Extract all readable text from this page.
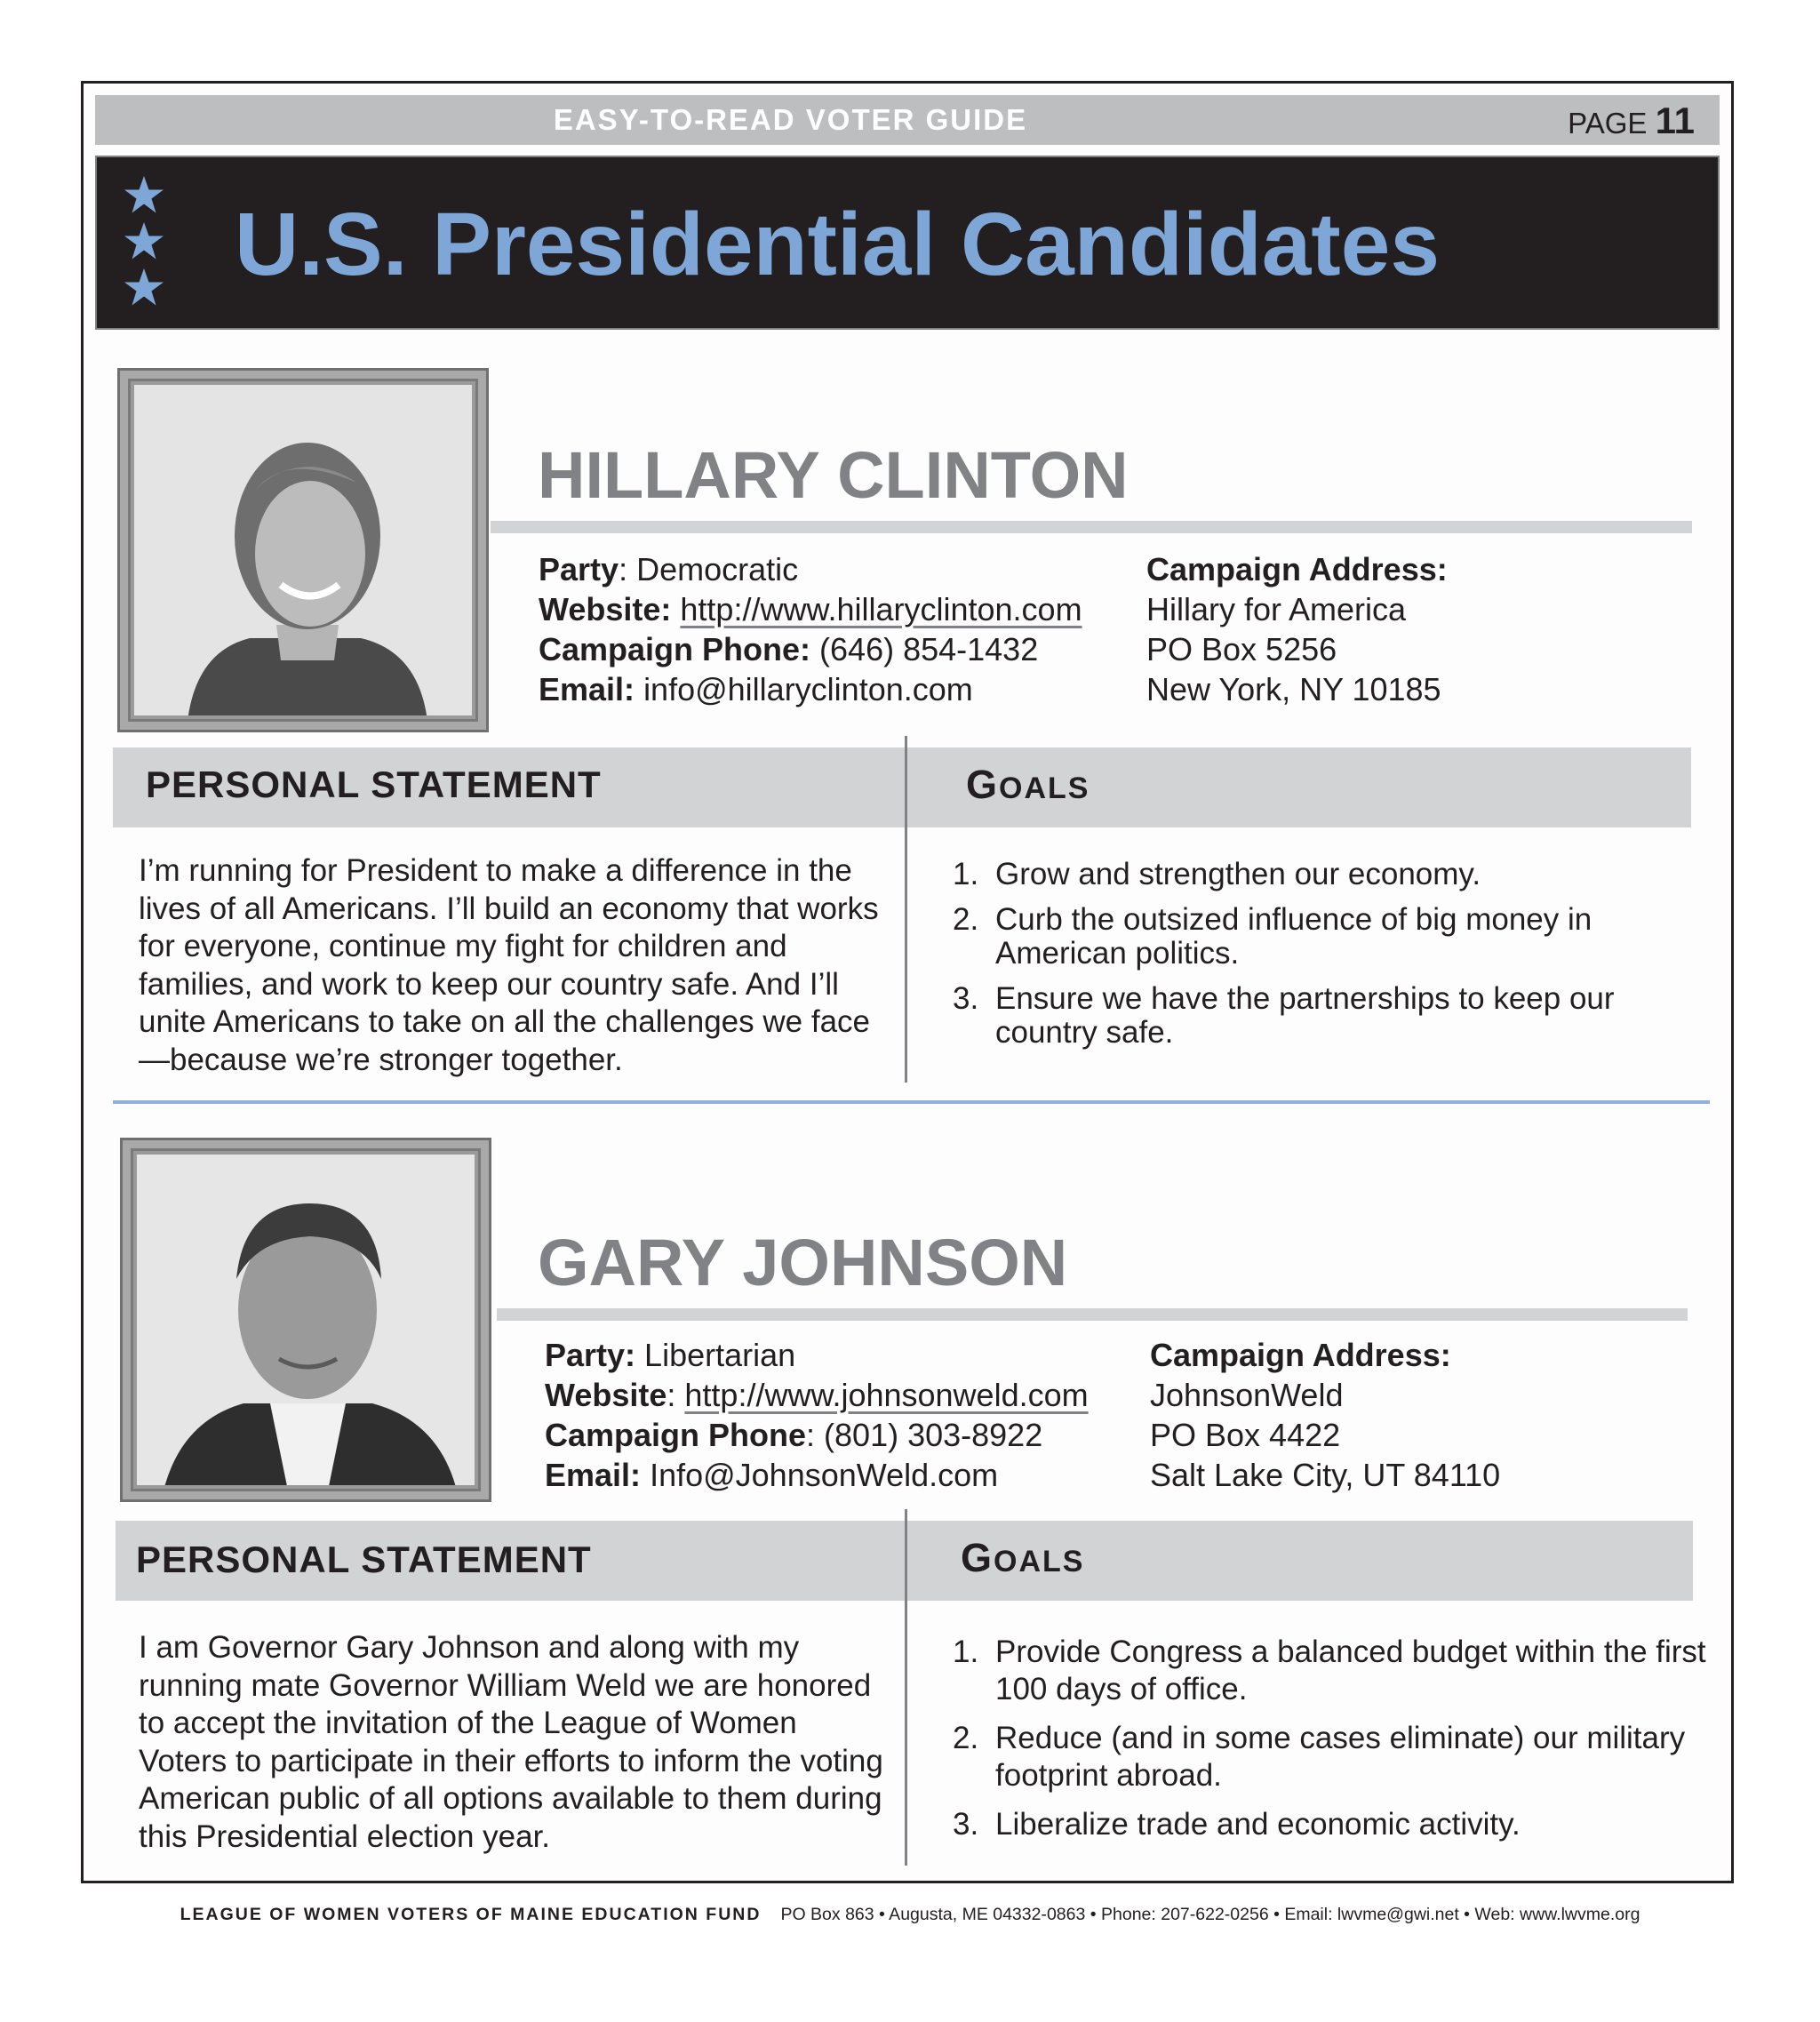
EASY-TO-READ VOTER GUIDE	PAGE 11
U.S. Presidential Candidates
HILLARY CLINTON
Party: Democratic
Website: http://www.hillaryclinton.com
Campaign Phone: (646) 854-1432
Email: info@hillaryclinton.com
Campaign Address:
Hillary for America
PO Box 5256
New York, NY 10185
PERSONAL STATEMENT	GOALS
I’m running for President to make a difference in the lives of all Americans. I’ll build an economy that works for everyone, continue my fight for children and families, and work to keep our country safe. And I’ll unite Americans to take on all the challenges we face—because we’re stronger together.
1. Grow and strengthen our economy.
2. Curb the outsized influence of big money in American politics.
3. Ensure we have the partnerships to keep our country safe.
GARY JOHNSON
Party: Libertarian
Website: http://www.johnsonweld.com
Campaign Phone: (801) 303-8922
Email: Info@JohnsonWeld.com
Campaign Address:
JohnsonWeld
PO Box 4422
Salt Lake City, UT 84110
PERSONAL STATEMENT	GOALS
I am Governor Gary Johnson and along with my running mate Governor William Weld we are honored to accept the invitation of the League of Women Voters to participate in their efforts to inform the voting American public of all options available to them during this Presidential election year.
1. Provide Congress a balanced budget within the first 100 days of office.
2. Reduce (and in some cases eliminate) our military footprint abroad.
3. Liberalize trade and economic activity.
LEAGUE OF WOMEN VOTERS OF MAINE EDUCATION FUND PO Box 863 • Augusta, ME 04332-0863 • Phone: 207-622-0256 • Email: lwvme@gwi.net • Web: www.lwvme.org
